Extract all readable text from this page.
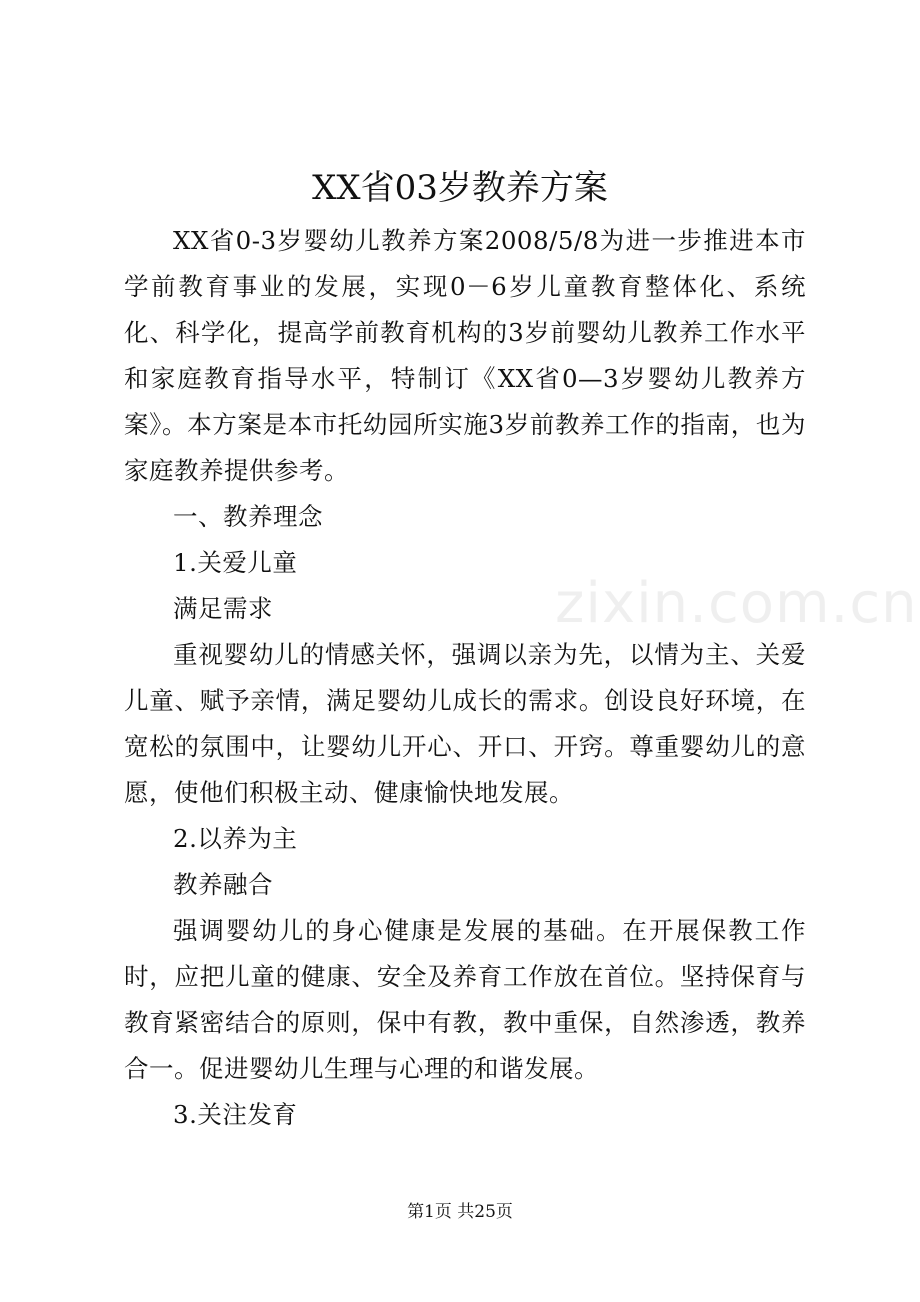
XX省03岁教养方案

XX省0-3岁婴幼儿教养方案2008/5/8为进一步推进本市学前教育事业的发展，实现0－6岁儿童教育整体化、系统化、科学化，提高学前教育机构的3岁前婴幼儿教养工作水平和家庭教育指导水平，特制订《XX省0—3岁婴幼儿教养方案》。本方案是本市托幼园所实施3岁前教养工作的指南，也为家庭教养提供参考。

一、教养理念

1.关爱儿童

满足需求

重视婴幼儿的情感关怀，强调以亲为先，以情为主、关爱儿童、赋予亲情，满足婴幼儿成长的需求。创设良好环境，在宽松的氛围中，让婴幼儿开心、开口、开窍。尊重婴幼儿的意愿，使他们积极主动、健康愉快地发展。

2.以养为主

教养融合

强调婴幼儿的身心健康是发展的基础。在开展保教工作时，应把儿童的健康、安全及养育工作放在首位。坚持保育与教育紧密结合的原则，保中有教，教中重保，自然渗透，教养合一。促进婴幼儿生理与心理的和谐发展。

3.关注发育

zixin.com.cn
第1页 共25页
